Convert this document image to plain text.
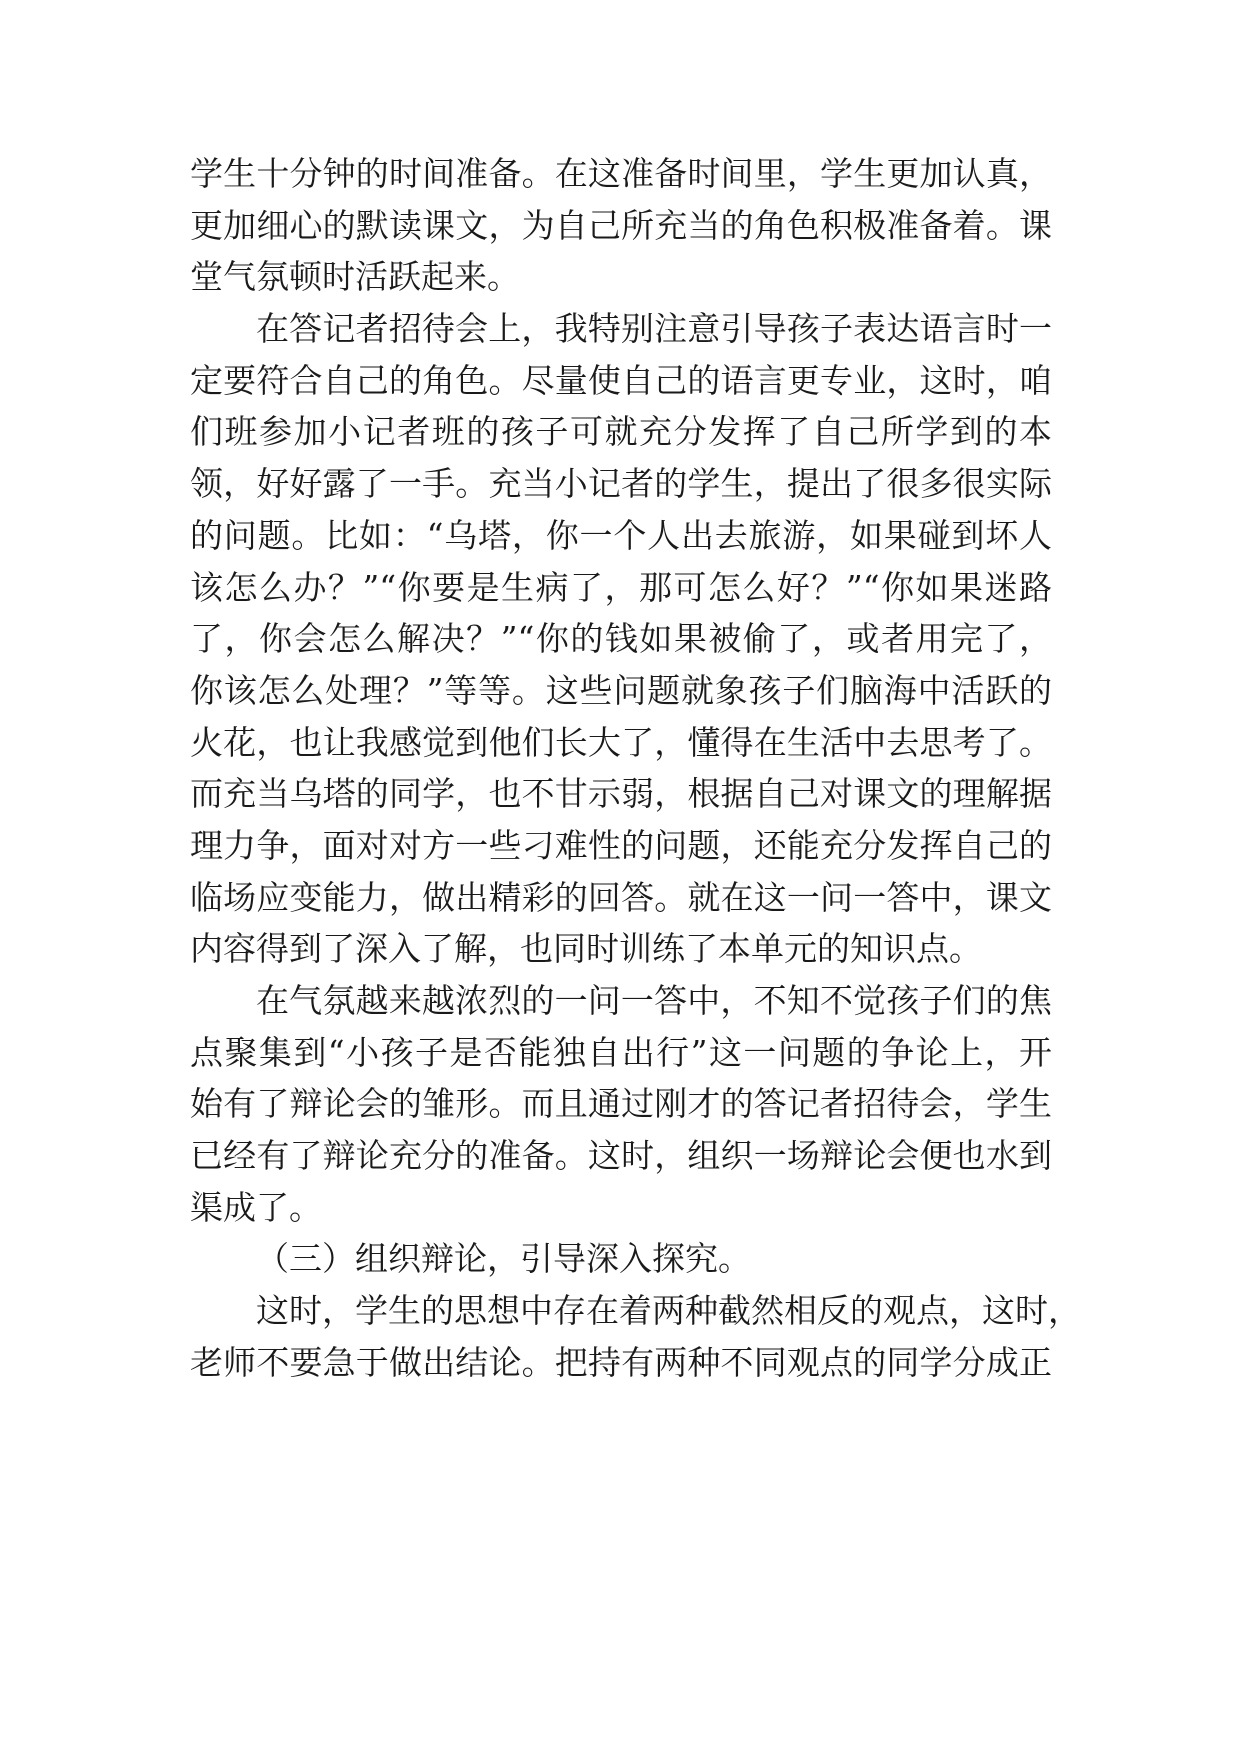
学生十分钟的时间准备。在这准备时间里，学生更加认真，
更加细心的默读课文，为自己所充当的角色积极准备着。课
堂气氛顿时活跃起来。
在答记者招待会上，我特别注意引导孩子表达语言时一
定要符合自己的角色。尽量使自己的语言更专业，这时，咱
们班参加小记者班的孩子可就充分发挥了自己所学到的本
领，好好露了一手。充当小记者的学生，提出了很多很实际
的问题。比如：“乌塔，你一个人出去旅游，如果碰到坏人
该怎么办？”“你要是生病了，那可怎么好？”“你如果迷路
了，你会怎么解决？”“你的钱如果被偷了，或者用完了，
你该怎么处理？”等等。这些问题就象孩子们脑海中活跃的
火花，也让我感觉到他们长大了，懂得在生活中去思考了。
而充当乌塔的同学，也不甘示弱，根据自己对课文的理解据
理力争，面对对方一些刁难性的问题，还能充分发挥自己的
临场应变能力，做出精彩的回答。就在这一问一答中，课文
内容得到了深入了解，也同时训练了本单元的知识点。
在气氛越来越浓烈的一问一答中，不知不觉孩子们的焦
点聚集到“小孩子是否能独自出行”这一问题的争论上，开
始有了辩论会的雏形。而且通过刚才的答记者招待会，学生
已经有了辩论充分的准备。这时，组织一场辩论会便也水到
渠成了。
（三）组织辩论，引导深入探究。
这时，学生的思想中存在着两种截然相反的观点，这时，
老师不要急于做出结论。把持有两种不同观点的同学分成正
